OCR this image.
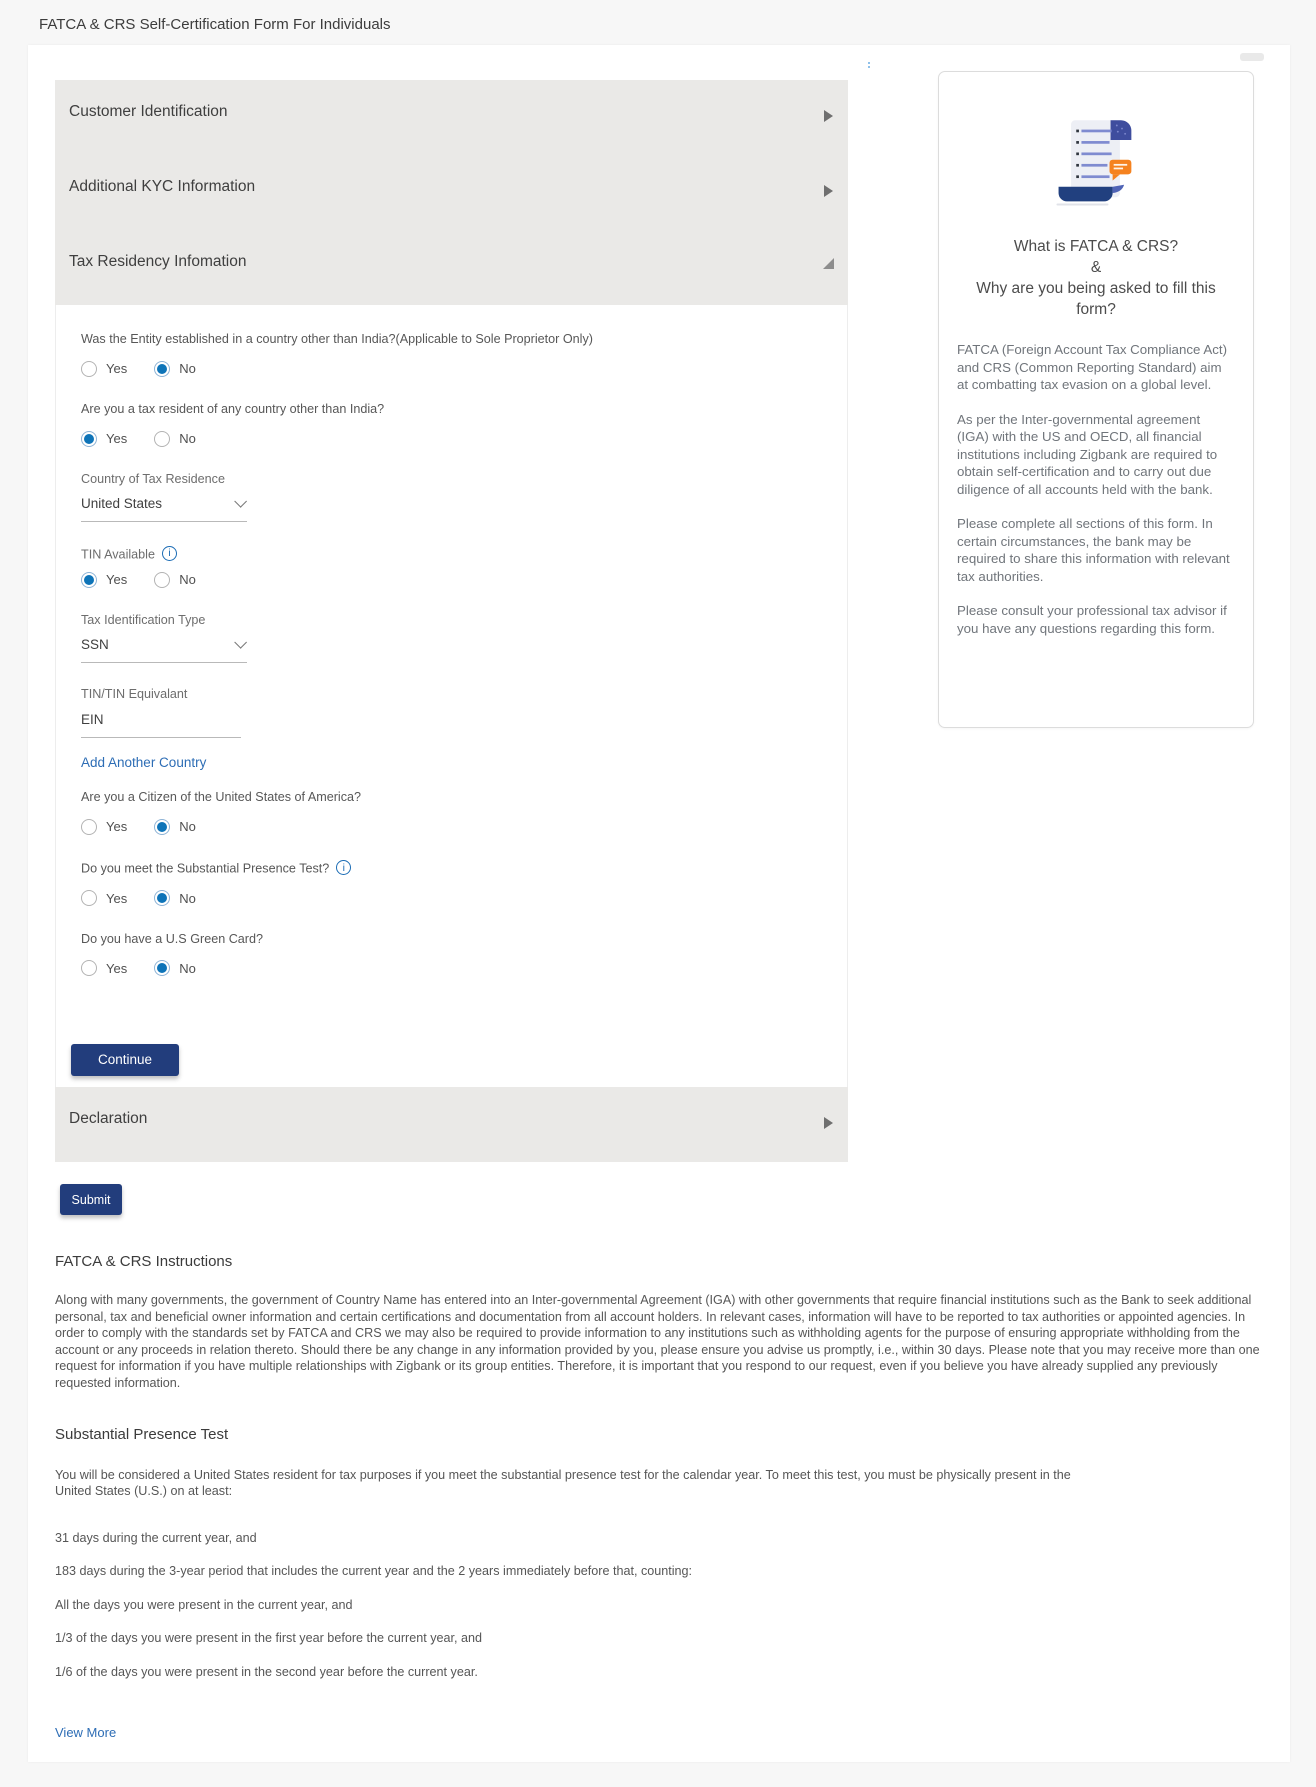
FATCA & CRS Self-Certification Form For Individuals
Customer Identification
Additional KYC Information
Tax Residency Infomation
Was the Entity established in a country other than India?(Applicable to Sole Proprietor Only)
Yes	No
Are you a tax resident of any country other than India?
Yes	No
Country of Tax Residence
United States
TIN Available i
Yes	No
Tax Identification Type
SSN
TIN/TIN Equivalant
EIN
Add Another Country
Are you a Citizen of the United States of America?
Yes	No
Do you meet the Substantial Presence Test? i
Yes	No
Do you have a U.S Green Card?
Yes	No
Continue
Declaration
Submit
What is FATCA & CRS?
&
Why are you being asked to fill this form?

FATCA (Foreign Account Tax Compliance Act) and CRS (Common Reporting Standard) aim at combatting tax evasion on a global level.

As per the Inter-governmental agreement (IGA) with the US and OECD, all financial institutions including Zigbank are required to obtain self-certification and to carry out due diligence of all accounts held with the bank.

Please complete all sections of this form. In certain circumstances, the bank may be required to share this information with relevant tax authorities.

Please consult your professional tax advisor if you have any questions regarding this form.

FATCA & CRS Instructions

Along with many governments, the government of Country Name has entered into an Inter-governmental Agreement (IGA) with other governments that require financial institutions such as the Bank to seek additional personal, tax and beneficial owner information and certain certifications and documentation from all account holders. In relevant cases, information will have to be reported to tax authorities or appointed agencies. In order to comply with the standards set by FATCA and CRS we may also be required to provide information to any institutions such as withholding agents for the purpose of ensuring appropriate withholding from the account or any proceeds in relation thereto. Should there be any change in any information provided by you, please ensure you advise us promptly, i.e., within 30 days. Please note that you may receive more than one request for information if you have multiple relationships with Zigbank or its group entities. Therefore, it is important that you respond to our request, even if you believe you have already supplied any previously requested information.

Substantial Presence Test

You will be considered a United States resident for tax purposes if you meet the substantial presence test for the calendar year. To meet this test, you must be physically present in the United States (U.S.) on at least:

31 days during the current year, and

183 days during the 3-year period that includes the current year and the 2 years immediately before that, counting:

All the days you were present in the current year, and

1/3 of the days you were present in the first year before the current year, and

1/6 of the days you were present in the second year before the current year.

View More
